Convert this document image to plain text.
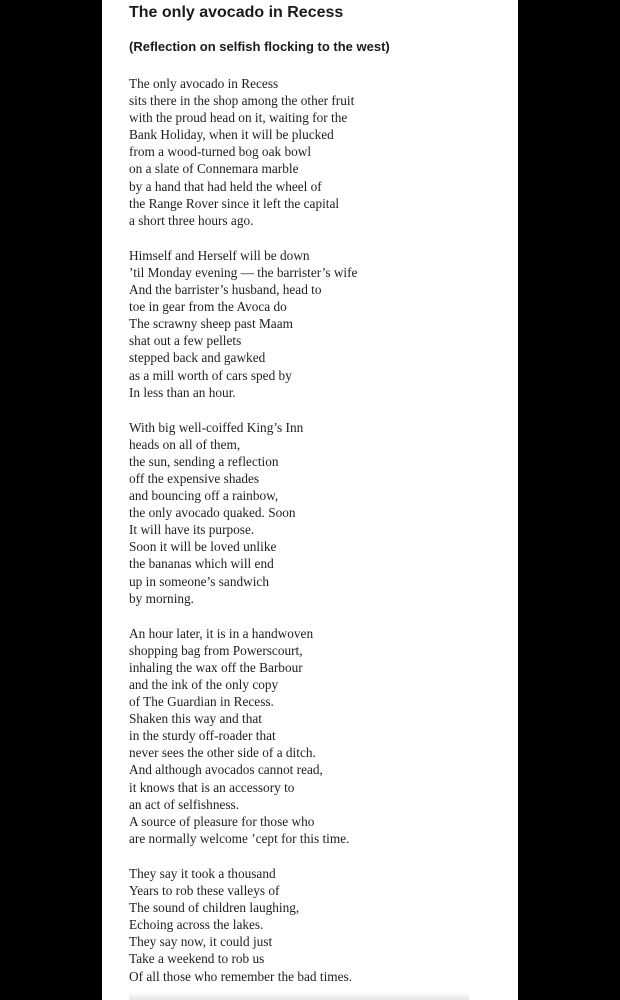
The only avocado in Recess
(Reflection on selfish flocking to the west)
The only avocado in Recess
sits there in the shop among the other fruit
with the proud head on it, waiting for the
Bank Holiday, when it will be plucked
from a wood-turned bog oak bowl
on a slate of Connemara marble
by a hand that had held the wheel of
the Range Rover since it left the capital
a short three hours ago.
Himself and Herself will be down
’til Monday evening — the barrister’s wife
And the barrister’s husband, head to
toe in gear from the Avoca do
The scrawny sheep past Maam
shat out a few pellets
stepped back and gawked
as a mill worth of cars sped by
In less than an hour.
With big well-coiffed King’s Inn
heads on all of them,
the sun, sending a reflection
off the expensive shades
and bouncing off a rainbow,
the only avocado quaked. Soon
It will have its purpose.
Soon it will be loved unlike
the bananas which will end
up in someone’s sandwich
by morning.
An hour later, it is in a handwoven
shopping bag from Powerscourt,
inhaling the wax off the Barbour
and the ink of the only copy
of The Guardian in Recess.
Shaken this way and that
in the sturdy off-roader that
never sees the other side of a ditch.
And although avocados cannot read,
it knows that is an accessory to
an act of selfishness.
A source of pleasure for those who
are normally welcome ’cept for this time.
They say it took a thousand
Years to rob these valleys of
The sound of children laughing,
Echoing across the lakes.
They say now, it could just
Take a weekend to rob us
Of all those who remember the bad times.
